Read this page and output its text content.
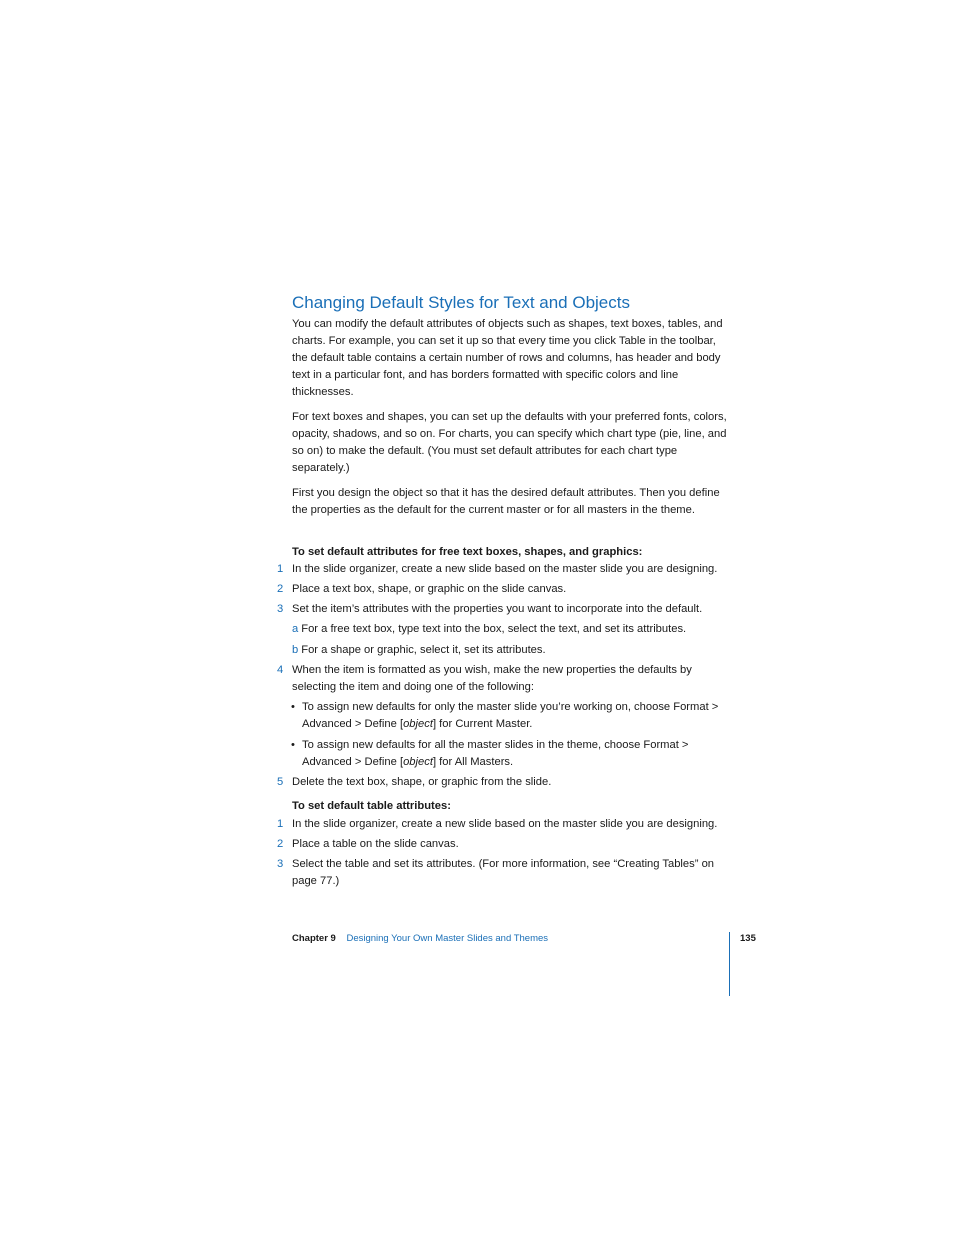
Changing Default Styles for Text and Objects

You can modify the default attributes of objects such as shapes, text boxes, tables, and charts. For example, you can set it up so that every time you click Table in the toolbar, the default table contains a certain number of rows and columns, has header and body text in a particular font, and has borders formatted with specific colors and line thicknesses.

For text boxes and shapes, you can set up the defaults with your preferred fonts, colors, opacity, shadows, and so on. For charts, you can specify which chart type (pie, line, and so on) to make the default. (You must set default attributes for each chart type separately.)

First you design the object so that it has the desired default attributes. Then you define the properties as the default for the current master or for all masters in the theme.

To set default attributes for free text boxes, shapes, and graphics:
1 In the slide organizer, create a new slide based on the master slide you are designing.
2 Place a text box, shape, or graphic on the slide canvas.
3 Set the item’s attributes with the properties you want to incorporate into the default.
a For a free text box, type text into the box, select the text, and set its attributes.
b For a shape or graphic, select it, set its attributes.
4 When the item is formatted as you wish, make the new properties the defaults by selecting the item and doing one of the following:
• To assign new defaults for only the master slide you’re working on, choose Format > Advanced > Define [object] for Current Master.
• To assign new defaults for all the master slides in the theme, choose Format > Advanced > Define [object] for All Masters.
5 Delete the text box, shape, or graphic from the slide.
To set default table attributes:
1 In the slide organizer, create a new slide based on the master slide you are designing.
2 Place a table on the slide canvas.
3 Select the table and set its attributes. (For more information, see “Creating Tables” on page 77.)
Chapter 9 Designing Your Own Master Slides and Themes	135
